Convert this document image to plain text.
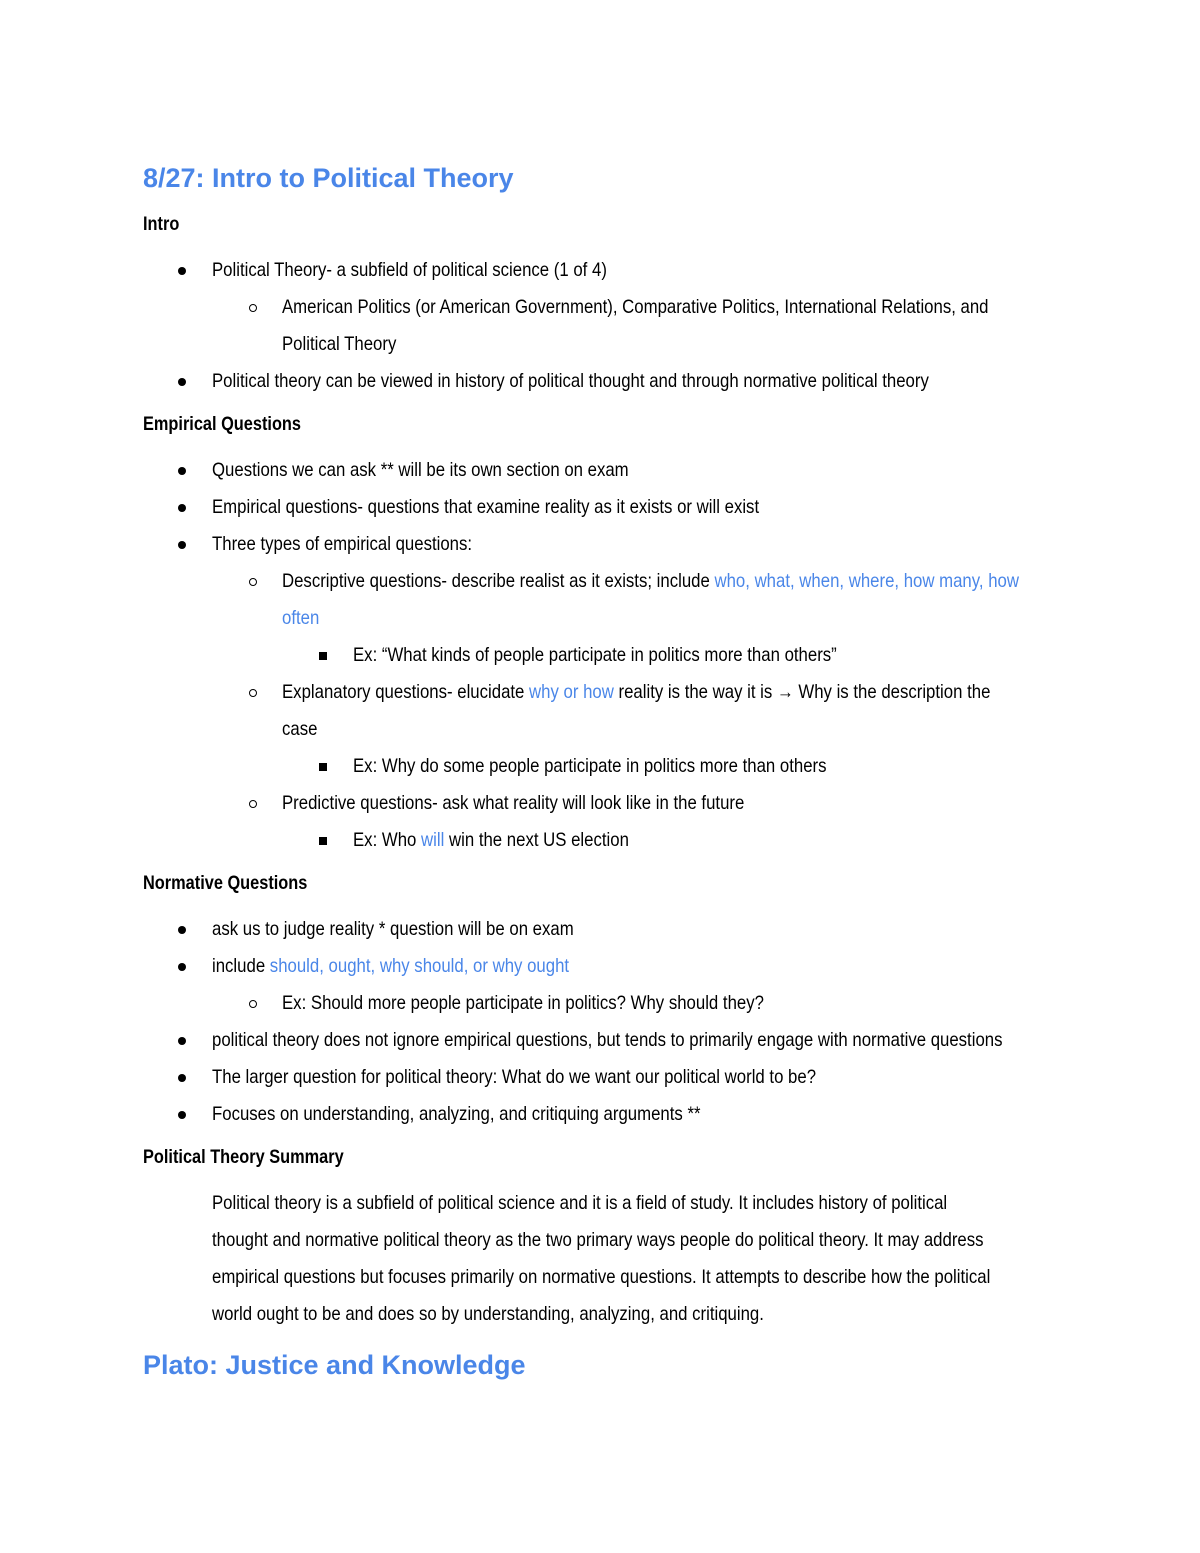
8/27: Intro to Political Theory
Intro
Political Theory- a subfield of political science (1 of 4)
American Politics (or American Government), Comparative Politics, International Relations, and
Political Theory
Political theory can be viewed in history of political thought and through normative political theory
Empirical Questions
Questions we can ask ** will be its own section on exam
Empirical questions- questions that examine reality as it exists or will exist
Three types of empirical questions:
Descriptive questions- describe realist as it exists; include who, what, when, where, how many, how
often
Ex: “What kinds of people participate in politics more than others”
Explanatory questions- elucidate why or how reality is the way it is → Why is the description the
case
Ex: Why do some people participate in politics more than others
Predictive questions- ask what reality will look like in the future
Ex: Who will win the next US election
Normative Questions
ask us to judge reality * question will be on exam
include should, ought, why should, or why ought
Ex: Should more people participate in politics? Why should they?
political theory does not ignore empirical questions, but tends to primarily engage with normative questions
The larger question for political theory: What do we want our political world to be?
Focuses on understanding, analyzing, and critiquing arguments **
Political Theory Summary
Political theory is a subfield of political science and it is a field of study. It includes history of political
thought and normative political theory as the two primary ways people do political theory. It may address
empirical questions but focuses primarily on normative questions. It attempts to describe how the political
world ought to be and does so by understanding, analyzing, and critiquing.
Plato: Justice and Knowledge
